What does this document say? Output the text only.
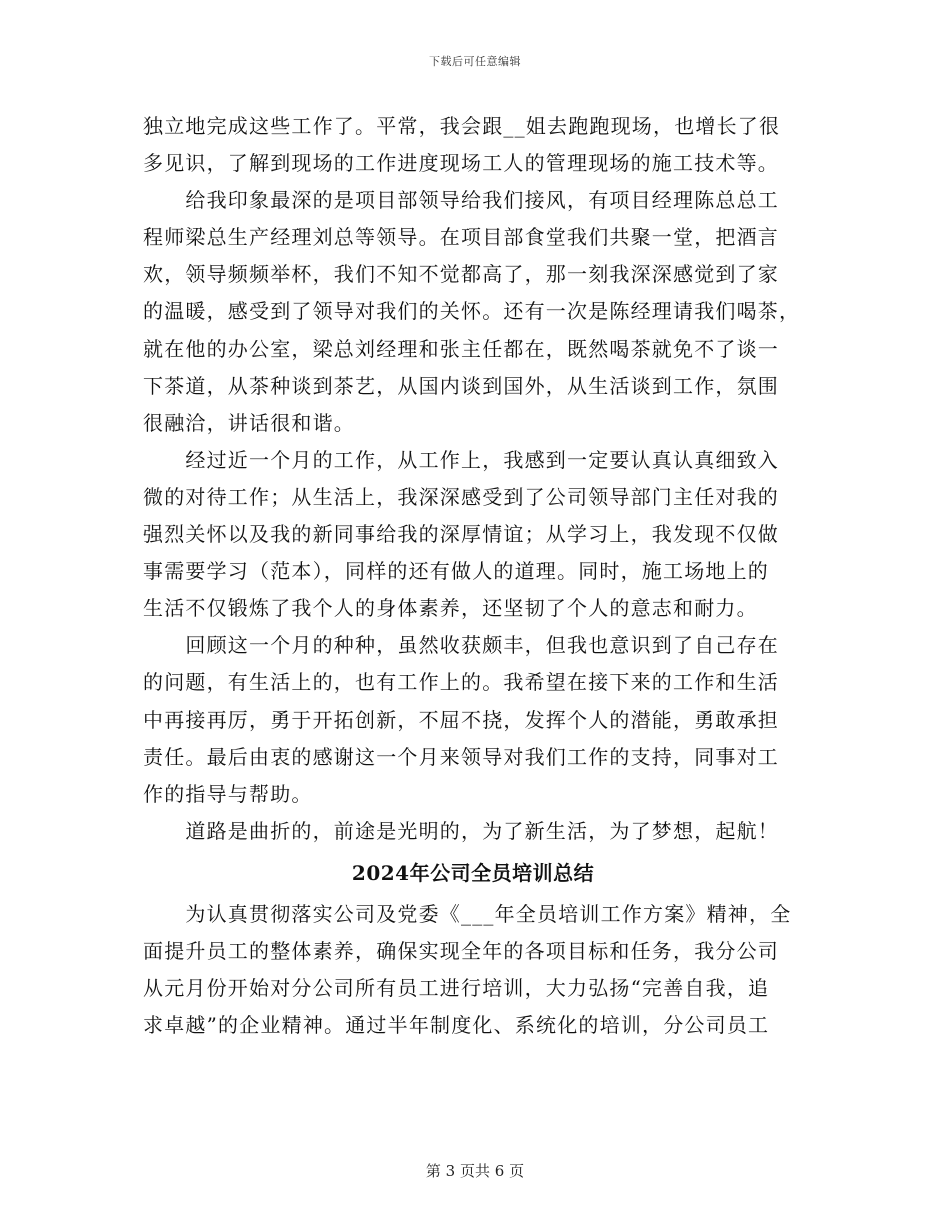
下载后可任意编辑
独立地完成这些工作了。平常，我会跟__姐去跑跑现场，也增长了很
多见识，了解到现场的工作进度现场工人的管理现场的施工技术等。
　　给我印象最深的是项目部领导给我们接风，有项目经理陈总总工
程师梁总生产经理刘总等领导。在项目部食堂我们共聚一堂，把酒言
欢，领导频频举杯，我们不知不觉都高了，那一刻我深深感觉到了家
的温暖，感受到了领导对我们的关怀。还有一次是陈经理请我们喝茶，
就在他的办公室，梁总刘经理和张主任都在，既然喝茶就免不了谈一
下茶道，从茶种谈到茶艺，从国内谈到国外，从生活谈到工作，氛围
很融洽，讲话很和谐。
　　经过近一个月的工作，从工作上，我感到一定要认真认真细致入
微的对待工作；从生活上，我深深感受到了公司领导部门主任对我的
强烈关怀以及我的新同事给我的深厚情谊；从学习上，我发现不仅做
事需要学习（范本），同样的还有做人的道理。同时，施工场地上的
生活不仅锻炼了我个人的身体素养，还坚韧了个人的意志和耐力。
　　回顾这一个月的种种，虽然收获颇丰，但我也意识到了自己存在
的问题，有生活上的，也有工作上的。我希望在接下来的工作和生活
中再接再厉，勇于开拓创新，不屈不挠，发挥个人的潜能，勇敢承担
责任。最后由衷的感谢这一个月来领导对我们工作的支持，同事对工
作的指导与帮助。
　　道路是曲折的，前途是光明的，为了新生活，为了梦想，起航！
2024年公司全员培训总结
　　为认真贯彻落实公司及党委《___年全员培训工作方案》精神，全
面提升员工的整体素养，确保实现全年的各项目标和任务，我分公司
从元月份开始对分公司所有员工进行培训，大力弘扬“完善自我，追
求卓越”的企业精神。通过半年制度化、系统化的培训，分公司员工
第 3 页共 6 页
